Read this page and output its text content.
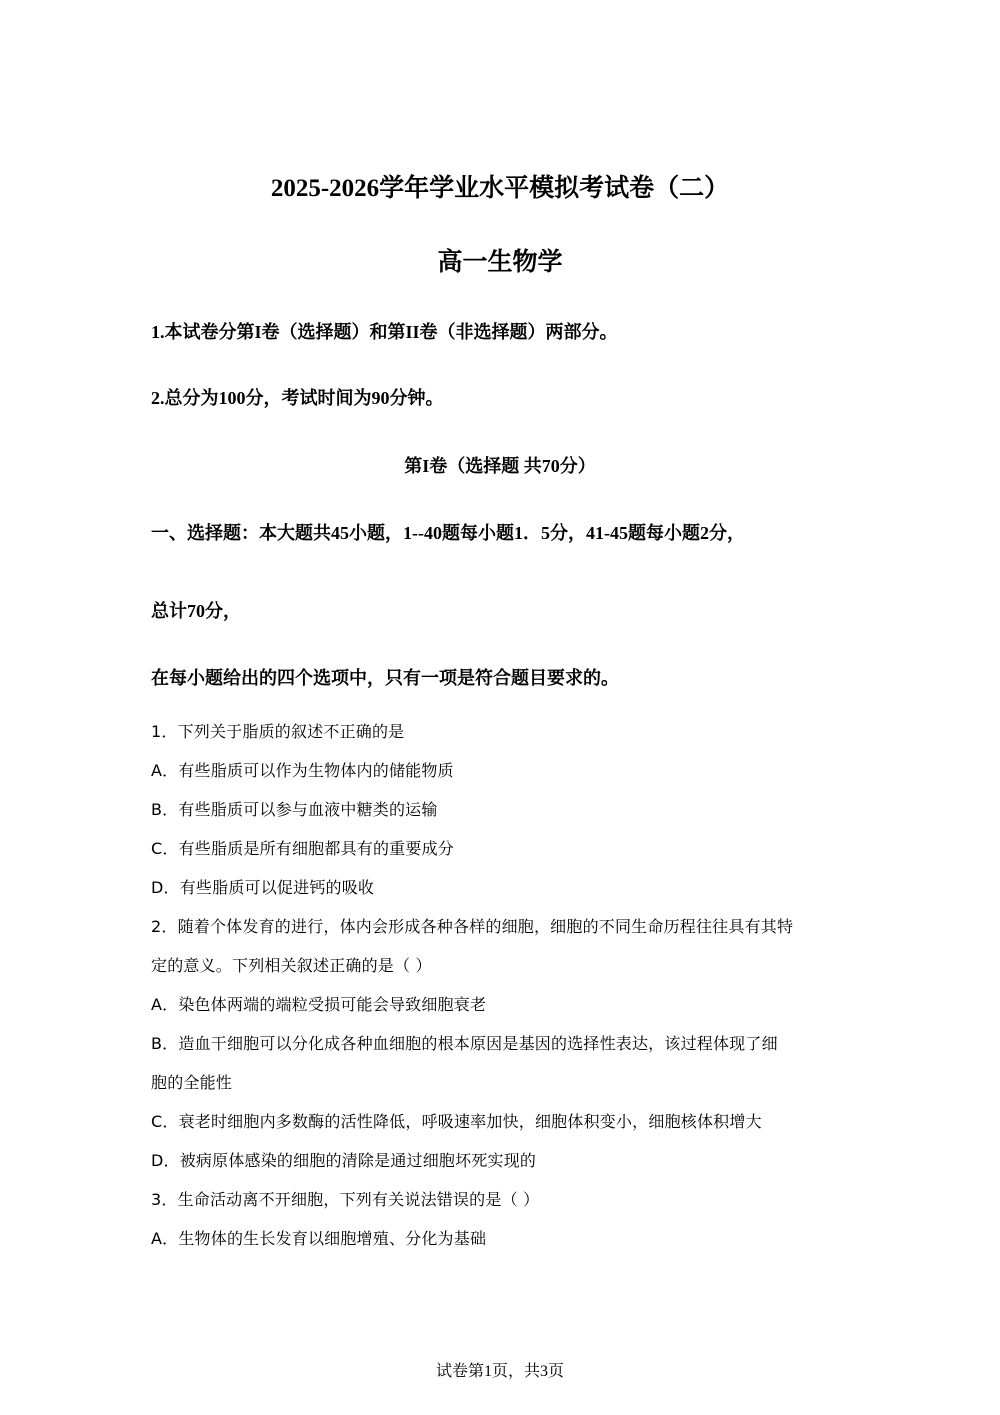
2025-2026学年学业水平模拟考试卷（二）
高一生物学
1.本试卷分第I卷（选择题）和第II卷（非选择题）两部分。
2.总分为100分，考试时间为90分钟。
第I卷（选择题 共70分）
一、选择题：本大题共45小题，1--40题每小题1．5分，41-45题每小题2分，
总计70分，
在每小题给出的四个选项中，只有一项是符合题目要求的。
1．下列关于脂质的叙述不正确的是
A．有些脂质可以作为生物体内的储能物质
B．有些脂质可以参与血液中糖类的运输
C．有些脂质是所有细胞都具有的重要成分
D．有些脂质可以促进钙的吸收
2．随着个体发育的进行，体内会形成各种各样的细胞，细胞的不同生命历程往往具有其特
定的意义。下列相关叙述正确的是（ ）
A．染色体两端的端粒受损可能会导致细胞衰老
B．造血干细胞可以分化成各种血细胞的根本原因是基因的选择性表达，该过程体现了细
胞的全能性
C．衰老时细胞内多数酶的活性降低，呼吸速率加快，细胞体积变小，细胞核体积增大
D．被病原体感染的细胞的清除是通过细胞坏死实现的
3．生命活动离不开细胞，下列有关说法错误的是（ ）
A．生物体的生长发育以细胞增殖、分化为基础
试卷第1页，共3页
